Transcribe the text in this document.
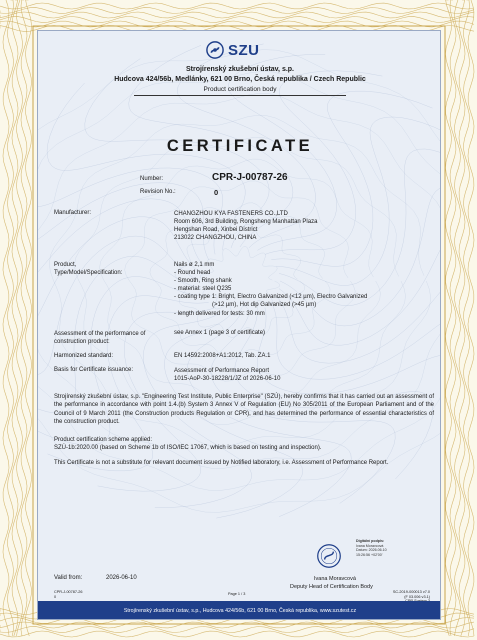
SZU
Strojírenský zkušební ústav, s.p.
Hudcova 424/56b, Medlánky, 621 00 Brno, Česká republika / Czech Republic
Product certification body
CERTIFICATE
Number:	CPR-J-00787-26
Revision No.:	0
Manufacturer:	CHANGZHOU KYA FASTENERS CO.,LTD
Room 606, 3rd Building, Rongsheng Manhattan Plaza
Hengshan Road, Xinbei District
213022 CHANGZHOU, CHINA
Product,
Type/Model/Specification:
Nails ø 2,1 mm
- Round head
- Smooth, Ring shank
- material: steel Q235
- coating type 1: Bright, Electro Galvanized (<12 µm), Electro Galvanized
(>12 µm), Hot dip Galvanized (>45 µm)
- length delivered for tests: 30 mm
Assessment of the performance of
construction product:
see Annex 1 (page 3 of certificate)
Harmonized standard:	EN 14592:2008+A1:2012, Tab. ZA.1
Basis for Certificate issuance:	Assessment of Performance Report
1015-AoP-30-18228/1/JZ of 2026-06-10
Strojírenský zkušební ústav, s.p. "Engineering Test Institute, Public Enterprise" (SZÚ), hereby confirms that it has carried out an assessment of the performance in accordance with point 1.4.(b) System 3 Annex V of Regulation (EU) No 305/2011 of the European Parliament and of the Council of 9 March 2011 (the Construction products Regulation or CPR), and has determined the performance of essential characteristics of the construction product.
Product certification scheme applied:
SZÚ-1b:2020.00 (based on Scheme 1b of ISO/IEC 17067, which is based on testing and inspection).
This Certificate is not a substitute for relevant document issued by Notified laboratory, i.e. Assessment of Performance Report.
Digitální podpis:
Ivana Moravcová
Datum: 2026.06.10
15:26:56 +02'00'
Valid from:	2026-06-10	Ivana Moravcová
Deputy Head of Certification Body
CPR-J-00787-26
0
Page 1 / 3	SC-2019-000013 v7.0
(F 03.006 v3.1)
Strojírenský zkušební ústav, s.p., Hudcova 424/56b, 621 00 Brno, Česká republika, www.szutest.cz
